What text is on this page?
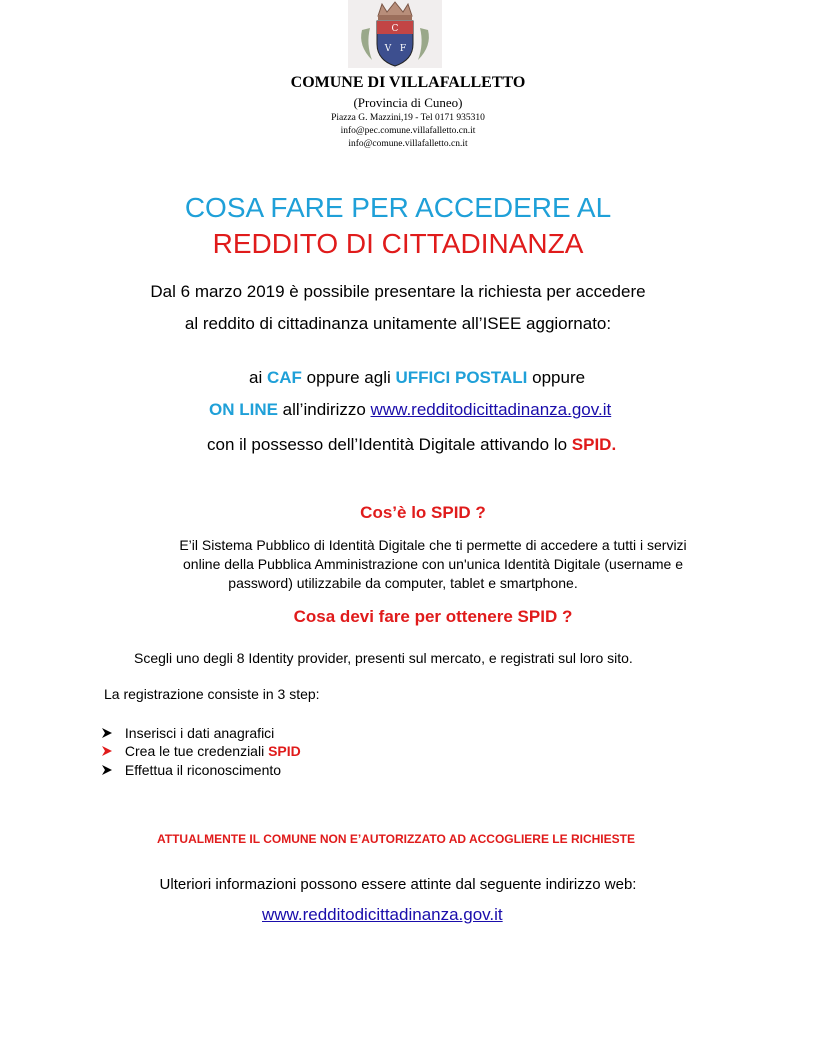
C
V F
COMUNE DI VILLAFALLETTO
(Provincia di Cuneo)
Piazza G. Mazzini,19 - Tel 0171 935310
info@pec.comune.villafalletto.cn.it
info@comune.villafalletto.cn.it
COSA FARE PER ACCEDERE AL
REDDITO DI CITTADINANZA
Dal 6 marzo 2019 è possibile presentare la richiesta per accedere
al reddito di cittadinanza unitamente all’ISEE aggiornato:
ai CAF oppure agli UFFICI POSTALI oppure
ON LINE all’indirizzo www.redditodicittadinanza.gov.it
con il possesso dell’Identità Digitale attivando lo SPID.
Cos’è lo SPID ?
E’il Sistema Pubblico di Identità Digitale che ti permette di accedere a tutti i servizi
online della Pubblica Amministrazione con un'unica Identità Digitale (username e
password) utilizzabile da computer, tablet e smartphone.
Cosa devi fare per ottenere SPID ?
Scegli uno degli 8 Identity provider, presenti sul mercato, e registrati sul loro sito.
La registrazione consiste in 3 step:
Inserisci i dati anagrafici
Crea le tue credenziali SPID
Effettua il riconoscimento
ATTUALMENTE IL COMUNE NON E’AUTORIZZATO AD ACCOGLIERE LE RICHIESTE
Ulteriori informazioni possono essere attinte dal seguente indirizzo web:
www.redditodicittadinanza.gov.it
